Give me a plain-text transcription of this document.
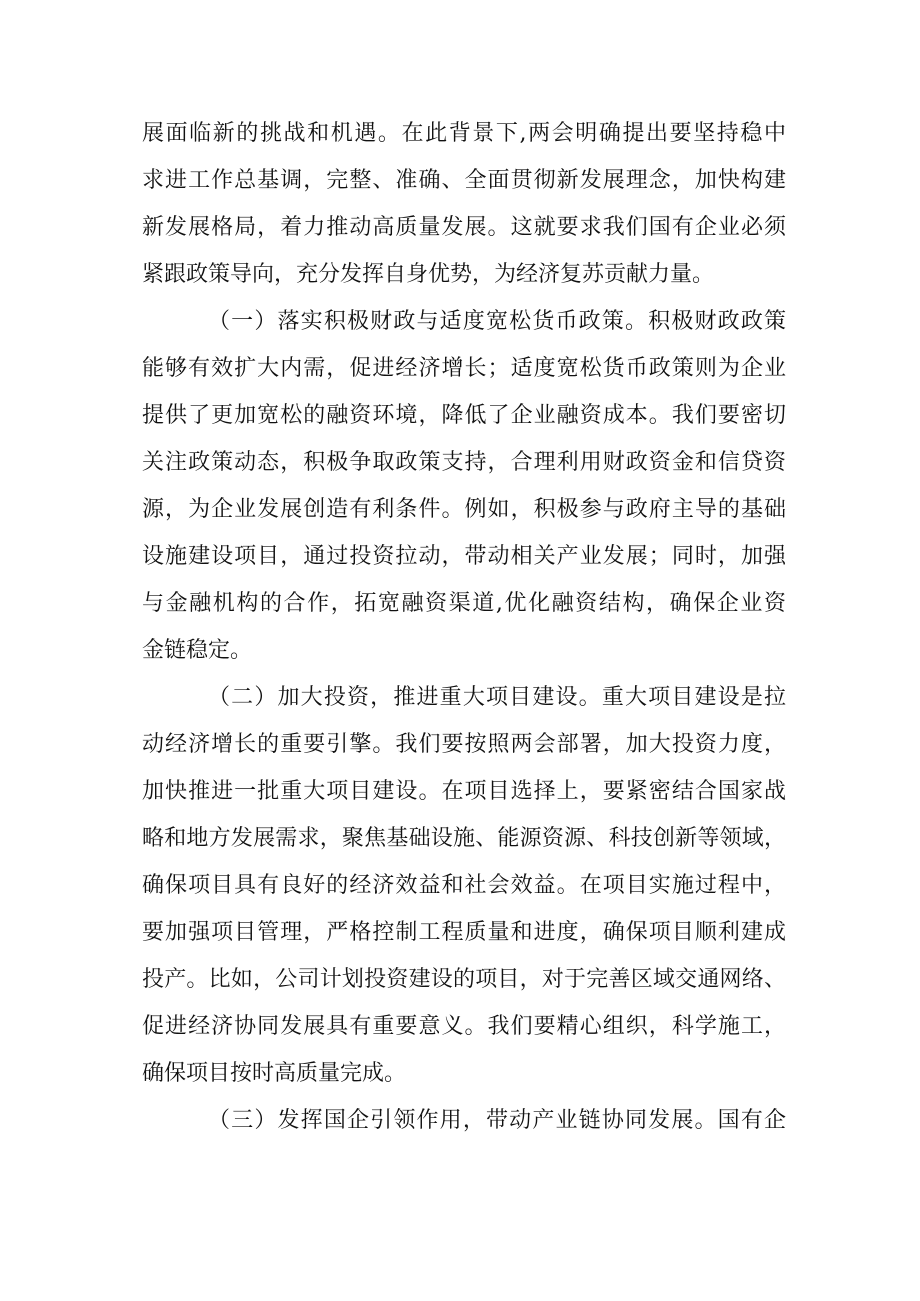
展面临新的挑战和机遇。在此背景下,两会明确提出要坚持稳中
求进工作总基调，完整、准确、全面贯彻新发展理念，加快构建
新发展格局，着力推动高质量发展。这就要求我们国有企业必须
紧跟政策导向，充分发挥自身优势，为经济复苏贡献力量。
（一）落实积极财政与适度宽松货币政策。积极财政政策
能够有效扩大内需，促进经济增长；适度宽松货币政策则为企业
提供了更加宽松的融资环境，降低了企业融资成本。我们要密切
关注政策动态，积极争取政策支持，合理利用财政资金和信贷资
源，为企业发展创造有利条件。例如，积极参与政府主导的基础
设施建设项目，通过投资拉动，带动相关产业发展；同时，加强
与金融机构的合作，拓宽融资渠道,优化融资结构，确保企业资
金链稳定。
（二）加大投资，推进重大项目建设。重大项目建设是拉
动经济增长的重要引擎。我们要按照两会部署，加大投资力度，
加快推进一批重大项目建设。在项目选择上，要紧密结合国家战
略和地方发展需求，聚焦基础设施、能源资源、科技创新等领域，
确保项目具有良好的经济效益和社会效益。在项目实施过程中，
要加强项目管理，严格控制工程质量和进度，确保项目顺利建成
投产。比如，公司计划投资建设的项目，对于完善区域交通网络、
促进经济协同发展具有重要意义。我们要精心组织，科学施工，
确保项目按时高质量完成。
（三）发挥国企引领作用，带动产业链协同发展。国有企
